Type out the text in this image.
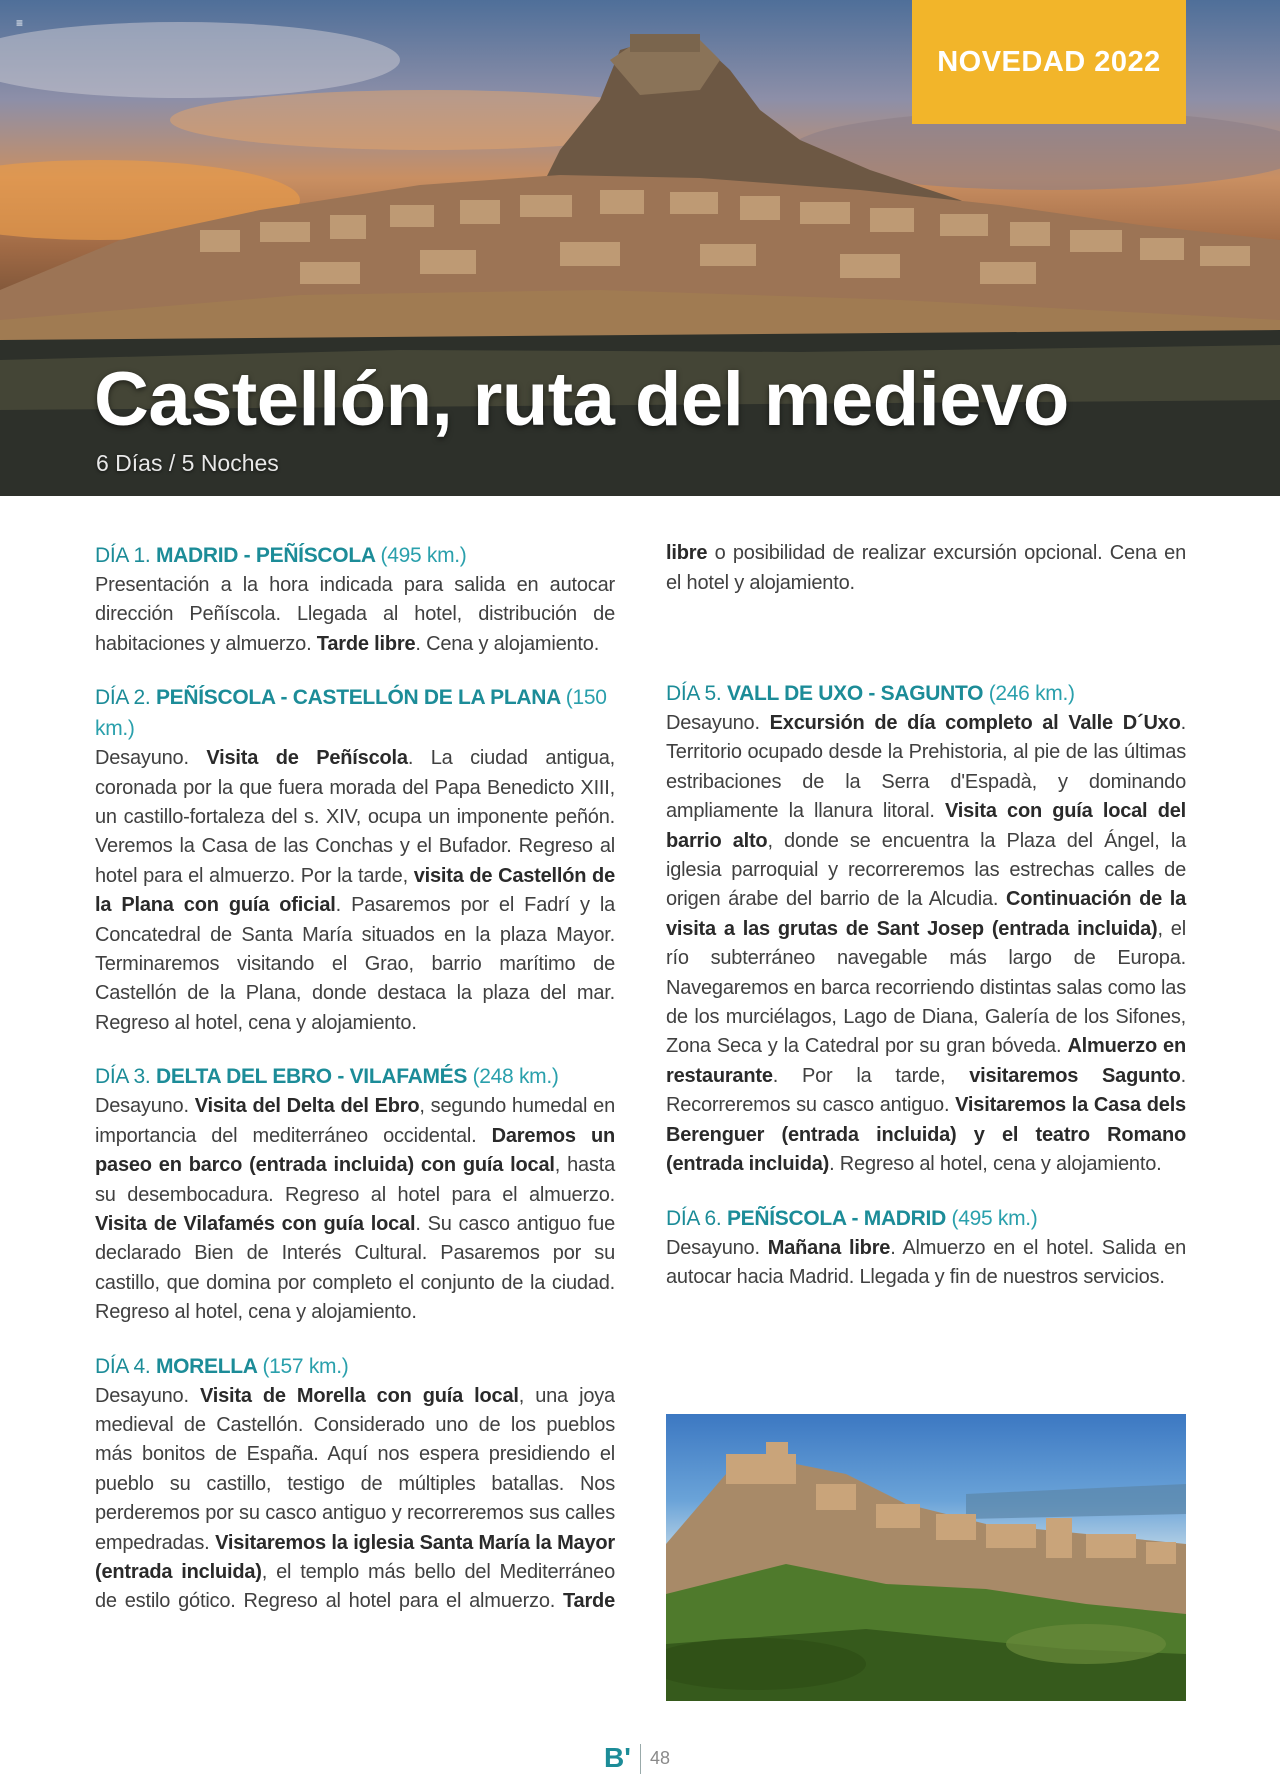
≡
NOVEDAD 2022
Castellón, ruta del medievo
6 Días / 5 Noches
DÍA 1. MADRID - PEÑÍSCOLA (495 km.)

Presentación a la hora indicada para salida en autocar dirección Peñíscola. Llegada al hotel, distribución de habitaciones y almuerzo. Tarde libre. Cena y alojamiento.

DÍA 2. PEÑÍSCOLA - CASTELLÓN DE LA PLANA (150 km.)

Desayuno. Visita de Peñíscola. La ciudad antigua, coronada por la que fuera morada del Papa Benedicto XIII, un castillo-fortaleza del s. XIV, ocupa un imponente peñón. Veremos la Casa de las Conchas y el Bufador. Regreso al hotel para el almuerzo. Por la tarde, visita de Castellón de la Plana con guía oficial. Pasaremos por el Fadrí y la Concatedral de Santa María situados en la plaza Mayor. Terminaremos visitando el Grao, barrio marítimo de Castellón de la Plana, donde destaca la plaza del mar. Regreso al hotel, cena y alojamiento.

DÍA 3. DELTA DEL EBRO - VILAFAMÉS (248 km.)

Desayuno. Visita del Delta del Ebro, segundo humedal en importancia del mediterráneo occidental. Daremos un paseo en barco (entrada incluida) con guía local, hasta su desembocadura. Regreso al hotel para el almuerzo. Visita de Vilafamés con guía local. Su casco antiguo fue declarado Bien de Interés Cultural. Pasaremos por su castillo, que domina por completo el conjunto de la ciudad. Regreso al hotel, cena y alojamiento.

DÍA 4. MORELLA (157 km.)

Desayuno. Visita de Morella con guía local, una joya medieval de Castellón. Considerado uno de los pueblos más bonitos de España. Aquí nos espera presidiendo el pueblo su castillo, testigo de múltiples batallas. Nos perderemos por su casco antiguo y recorreremos sus calles empedradas. Visitaremos la iglesia Santa María la Mayor (entrada incluida), el templo más bello del Mediterráneo de estilo gótico. Regreso al hotel para el almuerzo. Tarde

libre o posibilidad de realizar excursión opcional. Cena en el hotel y alojamiento.

DÍA 5. VALL DE UXO - SAGUNTO (246 km.)

Desayuno. Excursión de día completo al Valle D´Uxo. Territorio ocupado desde la Prehistoria, al pie de las últimas estribaciones de la Serra d'Espadà, y dominando ampliamente la llanura litoral. Visita con guía local del barrio alto, donde se encuentra la Plaza del Ángel, la iglesia parroquial y recorreremos las estrechas calles de origen árabe del barrio de la Alcudia. Continuación de la visita a las grutas de Sant Josep (entrada incluida), el río subterráneo navegable más largo de Europa. Navegaremos en barca recorriendo distintas salas como las de los murciélagos, Lago de Diana, Galería de los Sifones, Zona Seca y la Catedral por su gran bóveda. Almuerzo en restaurante. Por la tarde, visitaremos Sagunto. Recorreremos su casco antiguo. Visitaremos la Casa dels Berenguer (entrada incluida) y el teatro Romano (entrada incluida). Regreso al hotel, cena y alojamiento.

DÍA 6. PEÑÍSCOLA - MADRID (495 km.)

Desayuno. Mañana libre. Almuerzo en el hotel. Salida en autocar hacia Madrid. Llegada y fin de nuestros servicios.

B' 48
